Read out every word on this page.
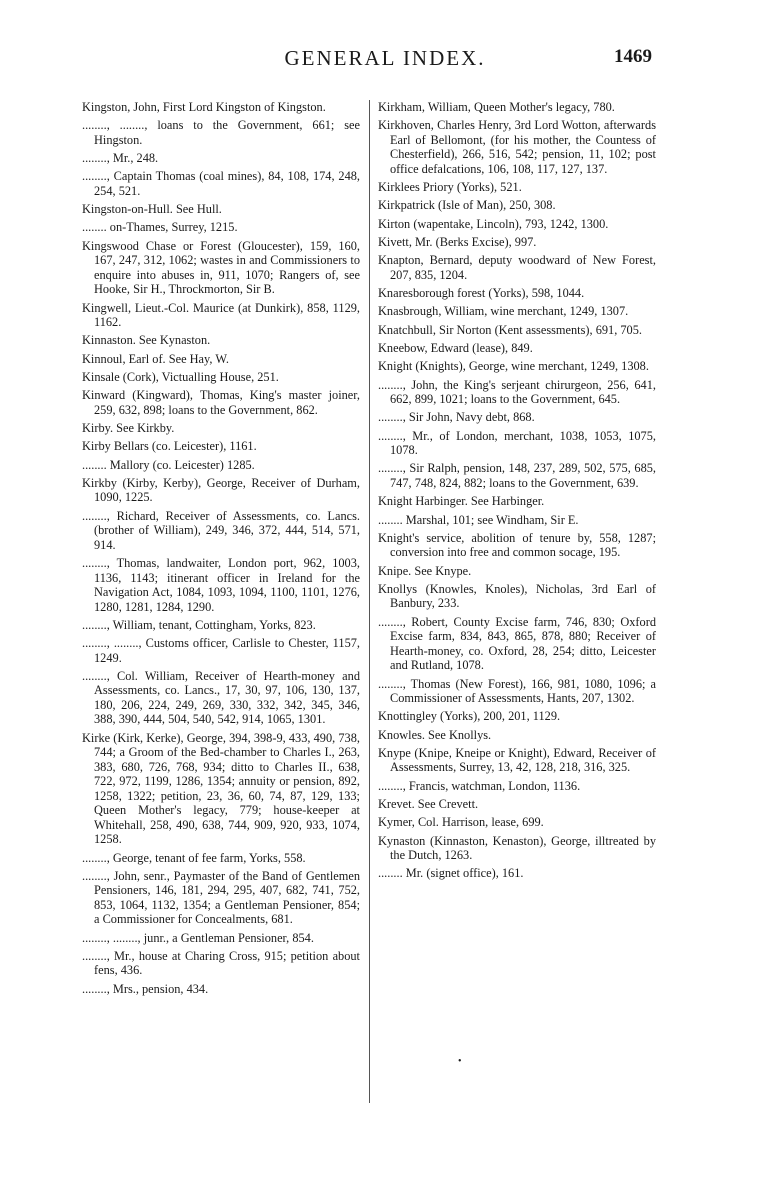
GENERAL INDEX.	1469
Kingston, John, First Lord Kingston of Kingston.
........, ........, loans to the Government, 661; see Hingston.
........, Mr., 248.
........, Captain Thomas (coal mines), 84, 108, 174, 248, 254, 521.
Kingston-on-Hull. See Hull.
........ on-Thames, Surrey, 1215.
Kingswood Chase or Forest (Gloucester), 159, 160, 167, 247, 312, 1062; wastes in and Commissioners to enquire into abuses in, 911, 1070; Rangers of, see Hooke, Sir H., Throckmorton, Sir B.
Kingwell, Lieut.-Col. Maurice (at Dunkirk), 858, 1129, 1162.
Kinnaston. See Kynaston.
Kinnoul, Earl of. See Hay, W.
Kinsale (Cork), Victualling House, 251.
Kinward (Kingward), Thomas, King's master joiner, 259, 632, 898; loans to the Government, 862.
Kirby. See Kirkby.
Kirby Bellars (co. Leicester), 1161.
........ Mallory (co. Leicester) 1285.
Kirkby (Kirby, Kerby), George, Receiver of Durham, 1090, 1225.
........, Richard, Receiver of Assessments, co. Lancs. (brother of William), 249, 346, 372, 444, 514, 571, 914.
........, Thomas, landwaiter, London port, 962, 1003, 1136, 1143; itinerant officer in Ireland for the Navigation Act, 1084, 1093, 1094, 1100, 1101, 1276, 1280, 1281, 1284, 1290.
........, William, tenant, Cottingham, Yorks, 823.
........, ........, Customs officer, Carlisle to Chester, 1157, 1249.
........, Col. William, Receiver of Hearth-money and Assessments, co. Lancs., 17, 30, 97, 106, 130, 137, 180, 206, 224, 249, 269, 330, 332, 342, 345, 346, 388, 390, 444, 504, 540, 542, 914, 1065, 1301.
Kirke (Kirk, Kerke), George, 394, 398-9, 433, 490, 738, 744; a Groom of the Bed-chamber to Charles I., 263, 383, 680, 726, 768, 934; ditto to Charles II., 638, 722, 972, 1199, 1286, 1354; annuity or pension, 892, 1258, 1322; petition, 23, 36, 60, 74, 87, 129, 133; Queen Mother's legacy, 779; house-keeper at Whitehall, 258, 490, 638, 744, 909, 920, 933, 1074, 1258.
........, George, tenant of fee farm, Yorks, 558.
........, John, senr., Paymaster of the Band of Gentlemen Pensioners, 146, 181, 294, 295, 407, 682, 741, 752, 853, 1064, 1132, 1354; a Gentleman Pensioner, 854; a Commissioner for Concealments, 681.
........, ........, junr., a Gentleman Pensioner, 854.
........, Mr., house at Charing Cross, 915; petition about fens, 436.
........, Mrs., pension, 434.
Kirkham, William, Queen Mother's legacy, 780.
Kirkhoven, Charles Henry, 3rd Lord Wotton, afterwards Earl of Bellomont, (for his mother, the Countess of Chesterfield), 266, 516, 542; pension, 11, 102; post office defalcations, 106, 108, 117, 127, 137.
Kirklees Priory (Yorks), 521.
Kirkpatrick (Isle of Man), 250, 308.
Kirton (wapentake, Lincoln), 793, 1242, 1300.
Kivett, Mr. (Berks Excise), 997.
Knapton, Bernard, deputy woodward of New Forest, 207, 835, 1204.
Knaresborough forest (Yorks), 598, 1044.
Knasbrough, William, wine merchant, 1249, 1307.
Knatchbull, Sir Norton (Kent assessments), 691, 705.
Kneebow, Edward (lease), 849.
Knight (Knights), George, wine merchant, 1249, 1308.
........, John, the King's serjeant chirurgeon, 256, 641, 662, 899, 1021; loans to the Government, 645.
........, Sir John, Navy debt, 868.
........, Mr., of London, merchant, 1038, 1053, 1075, 1078.
........, Sir Ralph, pension, 148, 237, 289, 502, 575, 685, 747, 748, 824, 882; loans to the Government, 639.
Knight Harbinger. See Harbinger.
........ Marshal, 101; see Windham, Sir E.
Knight's service, abolition of tenure by, 558, 1287; conversion into free and common socage, 195.
Knipe. See Knype.
Knollys (Knowles, Knoles), Nicholas, 3rd Earl of Banbury, 233.
........, Robert, County Excise farm, 746, 830; Oxford Excise farm, 834, 843, 865, 878, 880; Receiver of Hearth-money, co. Oxford, 28, 254; ditto, Leicester and Rutland, 1078.
........, Thomas (New Forest), 166, 981, 1080, 1096; a Commissioner of Assessments, Hants, 207, 1302.
Knottingley (Yorks), 200, 201, 1129.
Knowles. See Knollys.
Knype (Knipe, Kneipe or Knight), Edward, Receiver of Assessments, Surrey, 13, 42, 128, 218, 316, 325.
........, Francis, watchman, London, 1136.
Krevet. See Crevett.
Kymer, Col. Harrison, lease, 699.
Kynaston (Kinnaston, Kenaston), George, illtreated by the Dutch, 1263.
........ Mr. (signet office), 161.
•
